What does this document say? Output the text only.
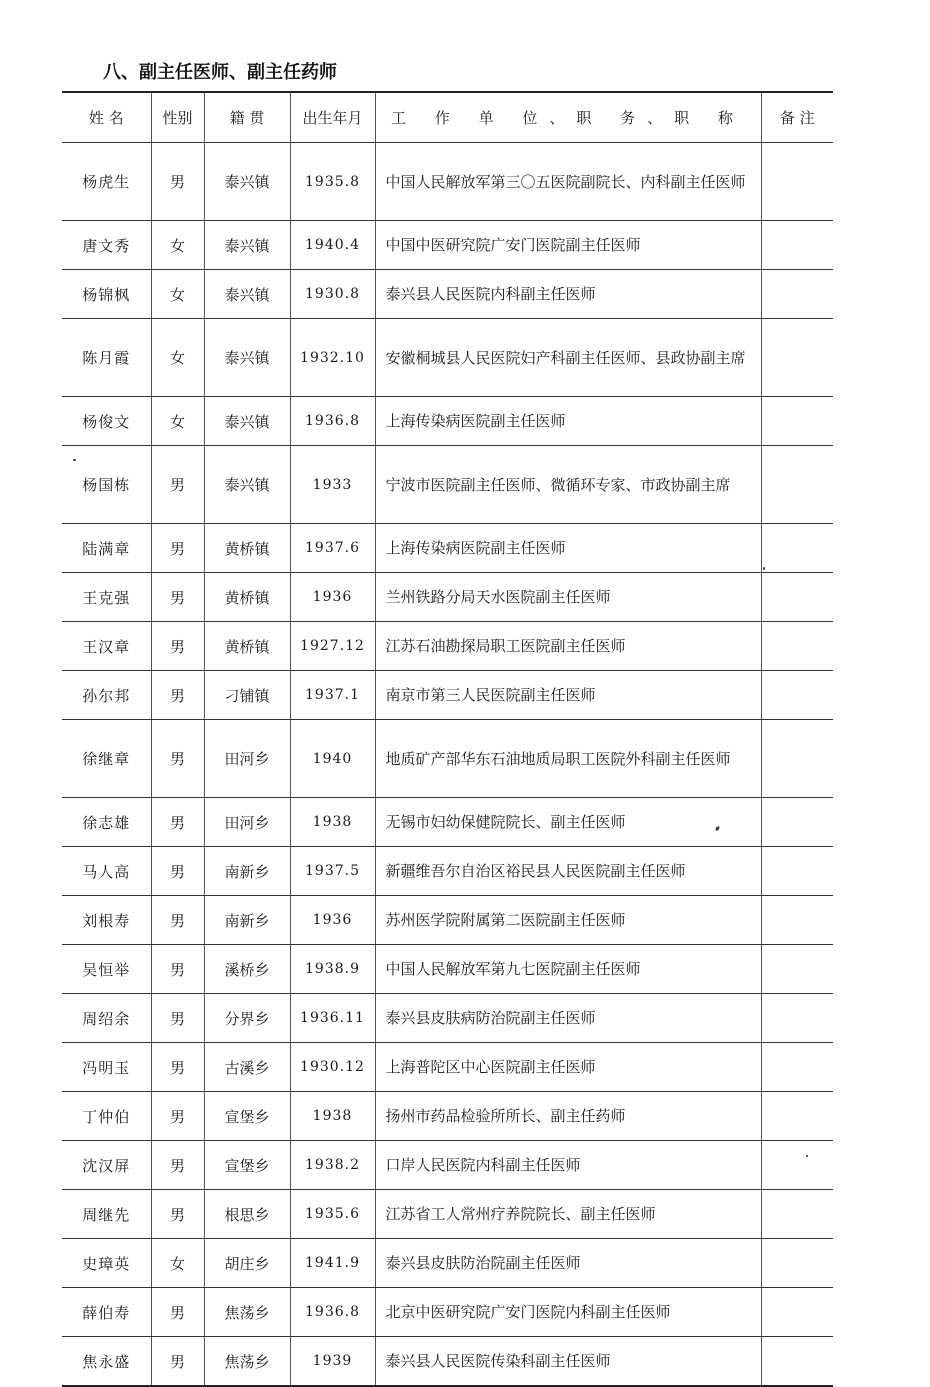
八、副主任医师、副主任药师
姓 名	性别	籍 贯	出生年月	工 作 单 位、职 务、职 称	备 注
杨虎生	男	泰兴镇	1935.8	中国人民解放军第三〇五医院副院长、内科副主任医师	
唐文秀	女	泰兴镇	1940.4	中国中医研究院广安门医院副主任医师	
杨锦枫	女	泰兴镇	1930.8	泰兴县人民医院内科副主任医师	
陈月霞	女	泰兴镇	1932.10	安徽桐城县人民医院妇产科副主任医师、县政协副主席	
杨俊文	女	泰兴镇	1936.8	上海传染病医院副主任医师	
杨国栋	男	泰兴镇	1933	宁波市医院副主任医师、微循环专家、市政协副主席	
陆满章	男	黄桥镇	1937.6	上海传染病医院副主任医师	
王克强	男	黄桥镇	1936	兰州铁路分局天水医院副主任医师	
王汉章	男	黄桥镇	1927.12	江苏石油勘探局职工医院副主任医师	
孙尔邦	男	刁铺镇	1937.1	南京市第三人民医院副主任医师	
徐继章	男	田河乡	1940	地质矿产部华东石油地质局职工医院外科副主任医师	
徐志雄	男	田河乡	1938	无锡市妇幼保健院院长、副主任医师	
马人高	男	南新乡	1937.5	新疆维吾尔自治区裕民县人民医院副主任医师	
刘根寿	男	南新乡	1936	苏州医学院附属第二医院副主任医师	
吴恒举	男	溪桥乡	1938.9	中国人民解放军第九七医院副主任医师	
周绍余	男	分界乡	1936.11	泰兴县皮肤病防治院副主任医师	
冯明玉	男	古溪乡	1930.12	上海普陀区中心医院副主任医师	
丁仲伯	男	宣堡乡	1938	扬州市药品检验所所长、副主任药师	
沈汉屏	男	宣堡乡	1938.2	口岸人民医院内科副主任医师	
周继先	男	根思乡	1935.6	江苏省工人常州疗养院院长、副主任医师	
史璋英	女	胡庄乡	1941.9	泰兴县皮肤防治院副主任医师	
薛伯寿	男	焦荡乡	1936.8	北京中医研究院广安门医院内科副主任医师	
焦永盛	男	焦荡乡	1939	泰兴县人民医院传染科副主任医师	
